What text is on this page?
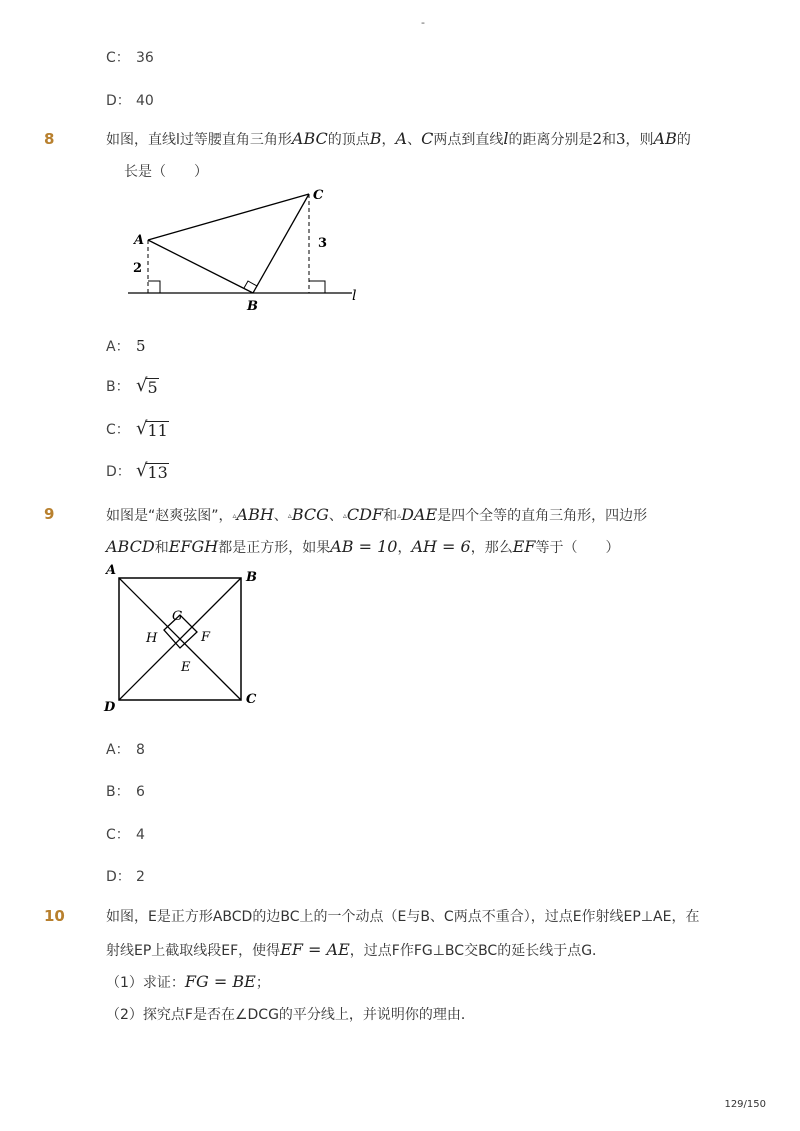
-
C： 36
D： 40
8	如图，直线l过等腰直角三角形ABC的顶点B，A、C两点到直线l的距离分别是2和3，则AB的
长是（　　）
A
B
C
l
2
3
A： 5
B： √ 5
C： √ 11
D： √ 13
9	如图是“赵爽弦图”，▵ABH、▵BCG、▵CDF和▵DAE是四个全等的直角三角形，四边形
ABCD和EFGH都是正方形，如果AB = 10，AH = 6，那么EF等于（　　）
A	B
C
D
E
F
G
H
A： 8
B： 6
C： 4
D： 2
10	如图，E是正方形ABCD的边BC上的一个动点（E与B、C两点不重合），过点E作射线EP⊥AE，在
射线EP上截取线段EF，使得EF = AE，过点F作FG⊥BC交BC的延长线于点G．
（1）求证：FG = BE；
（2）探究点F是否在∠DCG的平分线上，并说明你的理由．
129/150
